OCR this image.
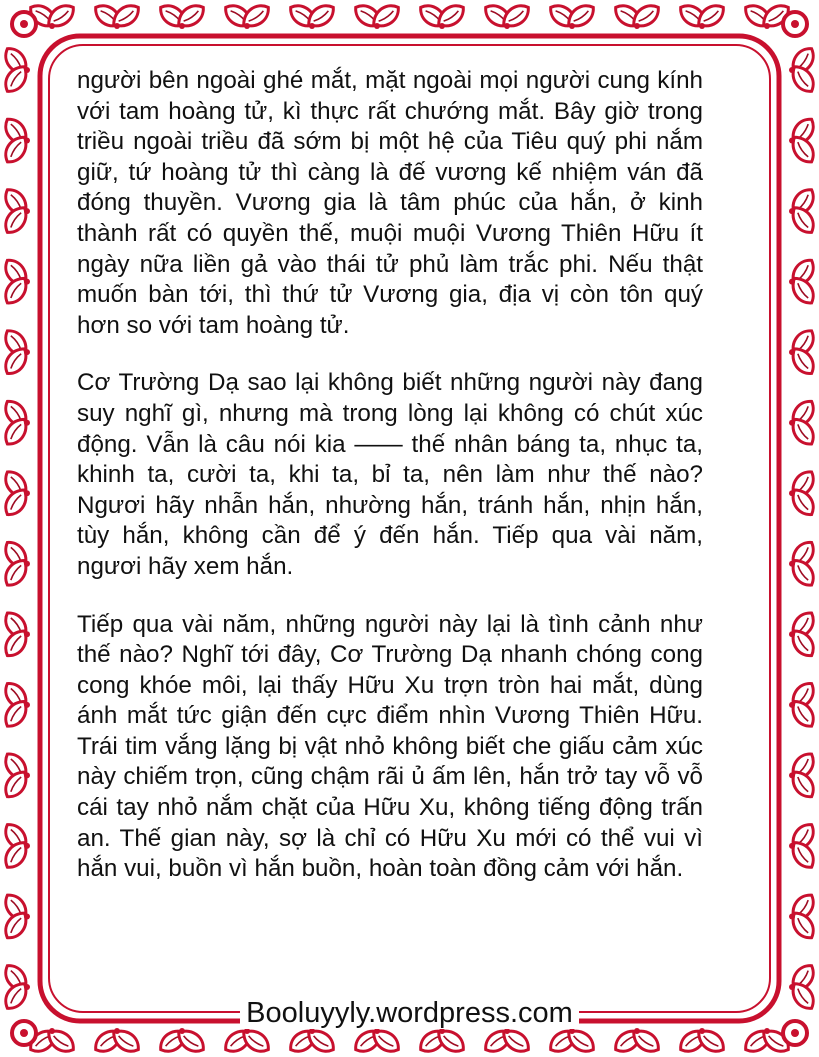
người bên ngoài ghé mắt, mặt ngoài mọi người cung kính với tam hoàng tử, kì thực rất chướng mắt. Bây giờ trong triều ngoài triều đã sớm bị một hệ của Tiêu quý phi nắm giữ, tứ hoàng tử thì càng là đế vương kế nhiệm ván đã đóng thuyền. Vương gia là tâm phúc của hắn, ở kinh thành rất có quyền thế, muội muội Vương Thiên Hữu ít ngày nữa liền gả vào thái tử phủ làm trắc phi. Nếu thật muốn bàn tới, thì thứ tử Vương gia, địa vị còn tôn quý hơn so với tam hoàng tử.

Cơ Trường Dạ sao lại không biết những người này đang suy nghĩ gì, nhưng mà trong lòng lại không có chút xúc động. Vẫn là câu nói kia —— thế nhân báng ta, nhục ta, khinh ta, cười ta, khi ta, bỉ ta, nên làm như thế nào? Ngươi hãy nhẫn hắn, nhường hắn, tránh hắn, nhịn hắn, tùy hắn, không cần để ý đến hắn. Tiếp qua vài năm, ngươi hãy xem hắn.

Tiếp qua vài năm, những người này lại là tình cảnh như thế nào? Nghĩ tới đây, Cơ Trường Dạ nhanh chóng cong cong khóe môi, lại thấy Hữu Xu trợn tròn hai mắt, dùng ánh mắt tức giận đến cực điểm nhìn Vương Thiên Hữu. Trái tim vắng lặng bị vật nhỏ không biết che giấu cảm xúc này chiếm trọn, cũng chậm rãi ủ ấm lên, hắn trở tay vỗ vỗ cái tay nhỏ nắm chặt của Hữu Xu, không tiếng động trấn an. Thế gian này, sợ là chỉ có Hữu Xu mới có thể vui vì hắn vui, buồn vì hắn buồn, hoàn toàn đồng cảm với hắn.

Booluyyly.wordpress.com
